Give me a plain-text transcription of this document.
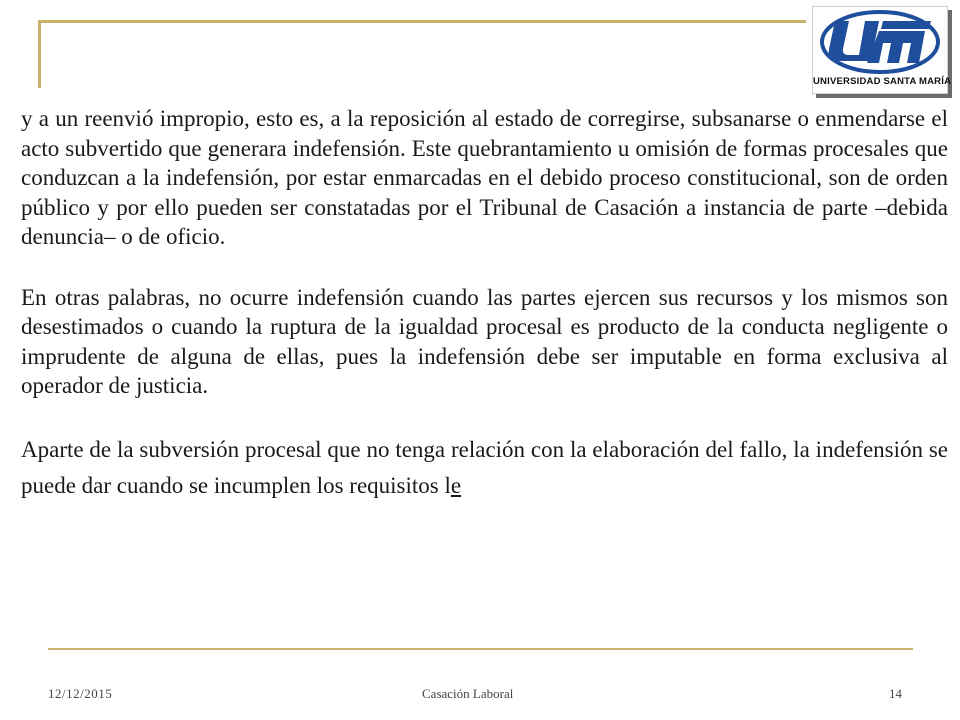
UNIVERSIDAD SANTA MARÍA

y a un reenvió impropio, esto es, a la reposición al estado de corregirse, subsanarse o enmendarse el acto subvertido que generara indefensión. Este quebrantamiento u omisión de formas procesales que conduzcan a la indefensión, por estar enmarcadas en el debido proceso constitucional, son de orden público y por ello pueden ser constatadas por el Tribunal de Casación a instancia de parte –debida denuncia– o de oficio.

En otras palabras, no ocurre indefensión cuando las partes ejercen sus recursos y los mismos son desestimados o cuando la ruptura de la igualdad procesal es producto de la conducta negligente o imprudente de alguna de ellas, pues la indefensión debe ser imputable en forma exclusiva al operador de justicia.

Aparte de la subversión procesal que no tenga relación con la elaboración del fallo, la indefensión se puede dar cuando se incumplen los requisitos le

12/12/2015	Casación Laboral	14
